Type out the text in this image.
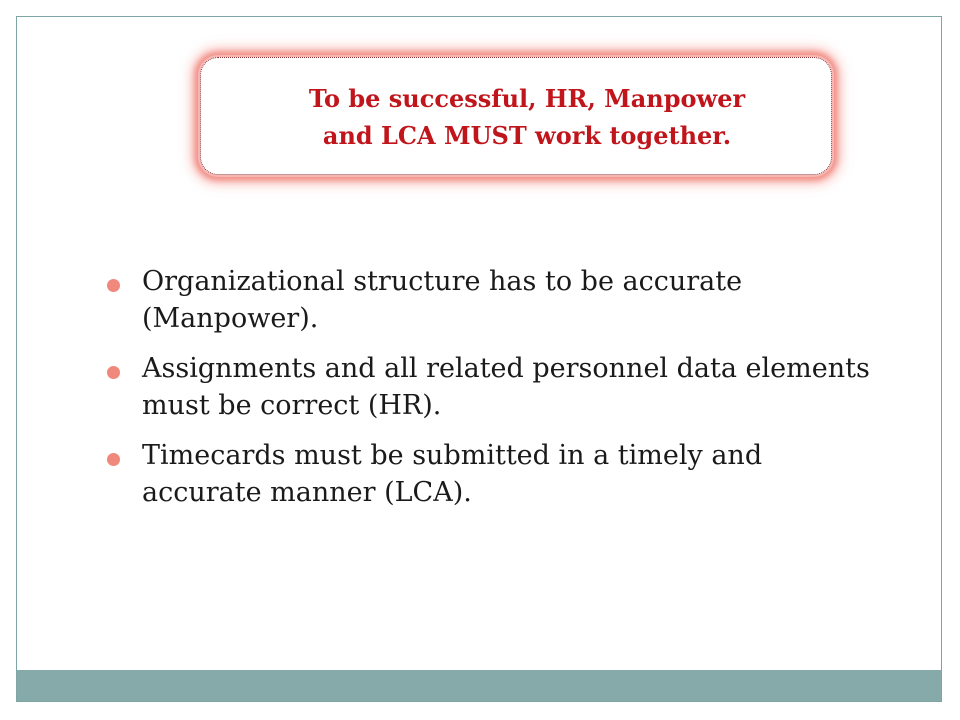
To be successful, HR, Manpower
and LCA MUST work together.
Organizational structure has to be accurate (Manpower).
Assignments and all related personnel data elements must be correct (HR).
Timecards must be submitted in a timely and accurate manner (LCA).
